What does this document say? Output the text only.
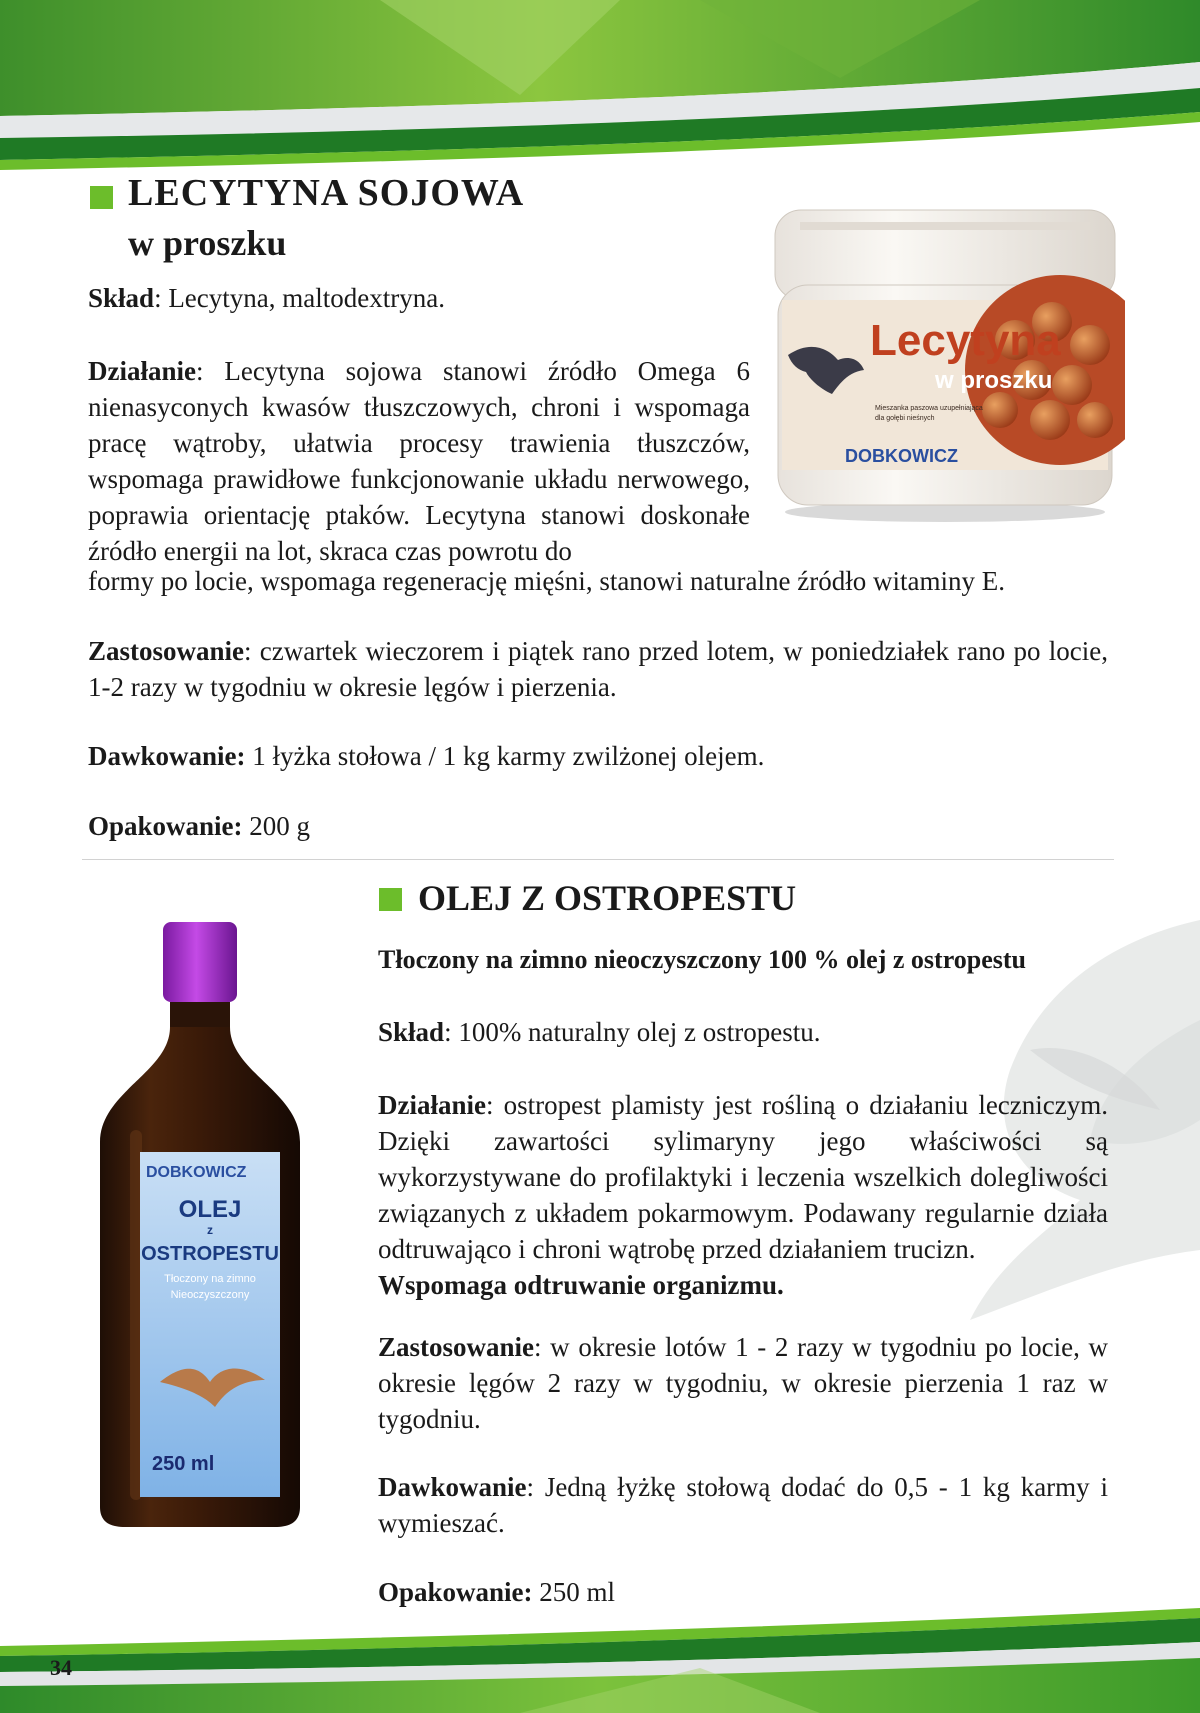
LECYTYNA SOJOWA
w proszku

Skład: Lecytyna, maltodextryna.

Działanie: Lecytyna sojowa stanowi źródło Omega 6 nienasyconych kwasów tłuszczowych, chroni i wspomaga pracę wątroby, ułatwia procesy trawienia tłuszczów, wspomaga prawidłowe funkcjonowanie układu nerwowego, poprawia orientację ptaków. Lecytyna stanowi doskonałe źródło energii na lot, skraca czas powrotu do

formy po locie, wspomaga regenerację mięśni, stanowi naturalne źródło witaminy E.

Zastosowanie: czwartek wieczorem i piątek rano przed lotem, w poniedziałek rano po locie, 1-2 razy w tygodniu w okresie lęgów i pierzenia.

Dawkowanie: 1 łyżka stołowa / 1 kg karmy zwilżonej olejem.

Opakowanie: 200 g

Lecytyna
w proszku
Mieszanka paszowa uzupełniająca
dla gołębi nieśnych
DOBKOWICZ
OLEJ Z OSTROPESTU

Tłoczony na zimno nieoczyszczony 100 % olej z ostropestu

Skład: 100% naturalny olej z ostropestu.

Działanie: ostropest plamisty jest rośliną o działaniu leczniczym. Dzięki zawartości sylimaryny jego właściwości są wykorzystywane do profilaktyki i leczenia wszelkich dolegliwości związanych z układem pokarmowym. Podawany regularnie działa odtruwająco i chroni wątrobę przed działaniem trucizn.
Wspomaga odtruwanie organizmu.

Zastosowanie: w okresie lotów 1 - 2 razy w tygodniu po locie, w okresie lęgów 2 razy w tygodniu, w okresie pierzenia 1 raz w tygodniu.

Dawkowanie: Jedną łyżkę stołową dodać do 0,5 - 1 kg karmy i wymieszać.

Opakowanie: 250 ml

DOBKOWICZ
OLEJ
z
OSTROPESTU
Tłoczony na zimno
Nieoczyszczony
250 ml
34
